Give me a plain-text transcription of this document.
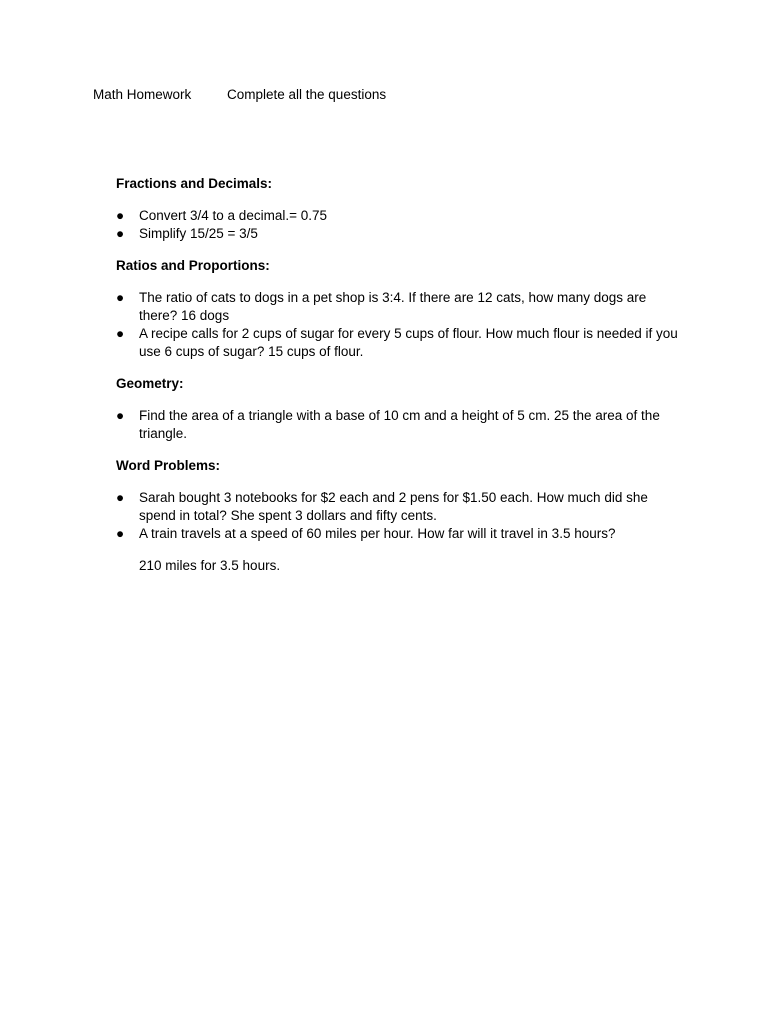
Math Homework	Complete all the questions

Fractions and Decimals:

●	Convert 3/4 to a decimal.= 0.75
●	Simplify 15/25 = 3/5

Ratios and Proportions:

●	The ratio of cats to dogs in a pet shop is 3:4. If there are 12 cats, how many dogs are there? 16 dogs
●	A recipe calls for 2 cups of sugar for every 5 cups of flour. How much flour is needed if you use 6 cups of sugar? 15 cups of flour.

Geometry:

●	Find the area of a triangle with a base of 10 cm and a height of 5 cm. 25 the area of the triangle.

Word Problems:

●	Sarah bought 3 notebooks for $2 each and 2 pens for $1.50 each. How much did she spend in total? She spent 3 dollars and fifty cents.
●	A train travels at a speed of 60 miles per hour. How far will it travel in 3.5 hours?

210 miles for 3.5 hours.
